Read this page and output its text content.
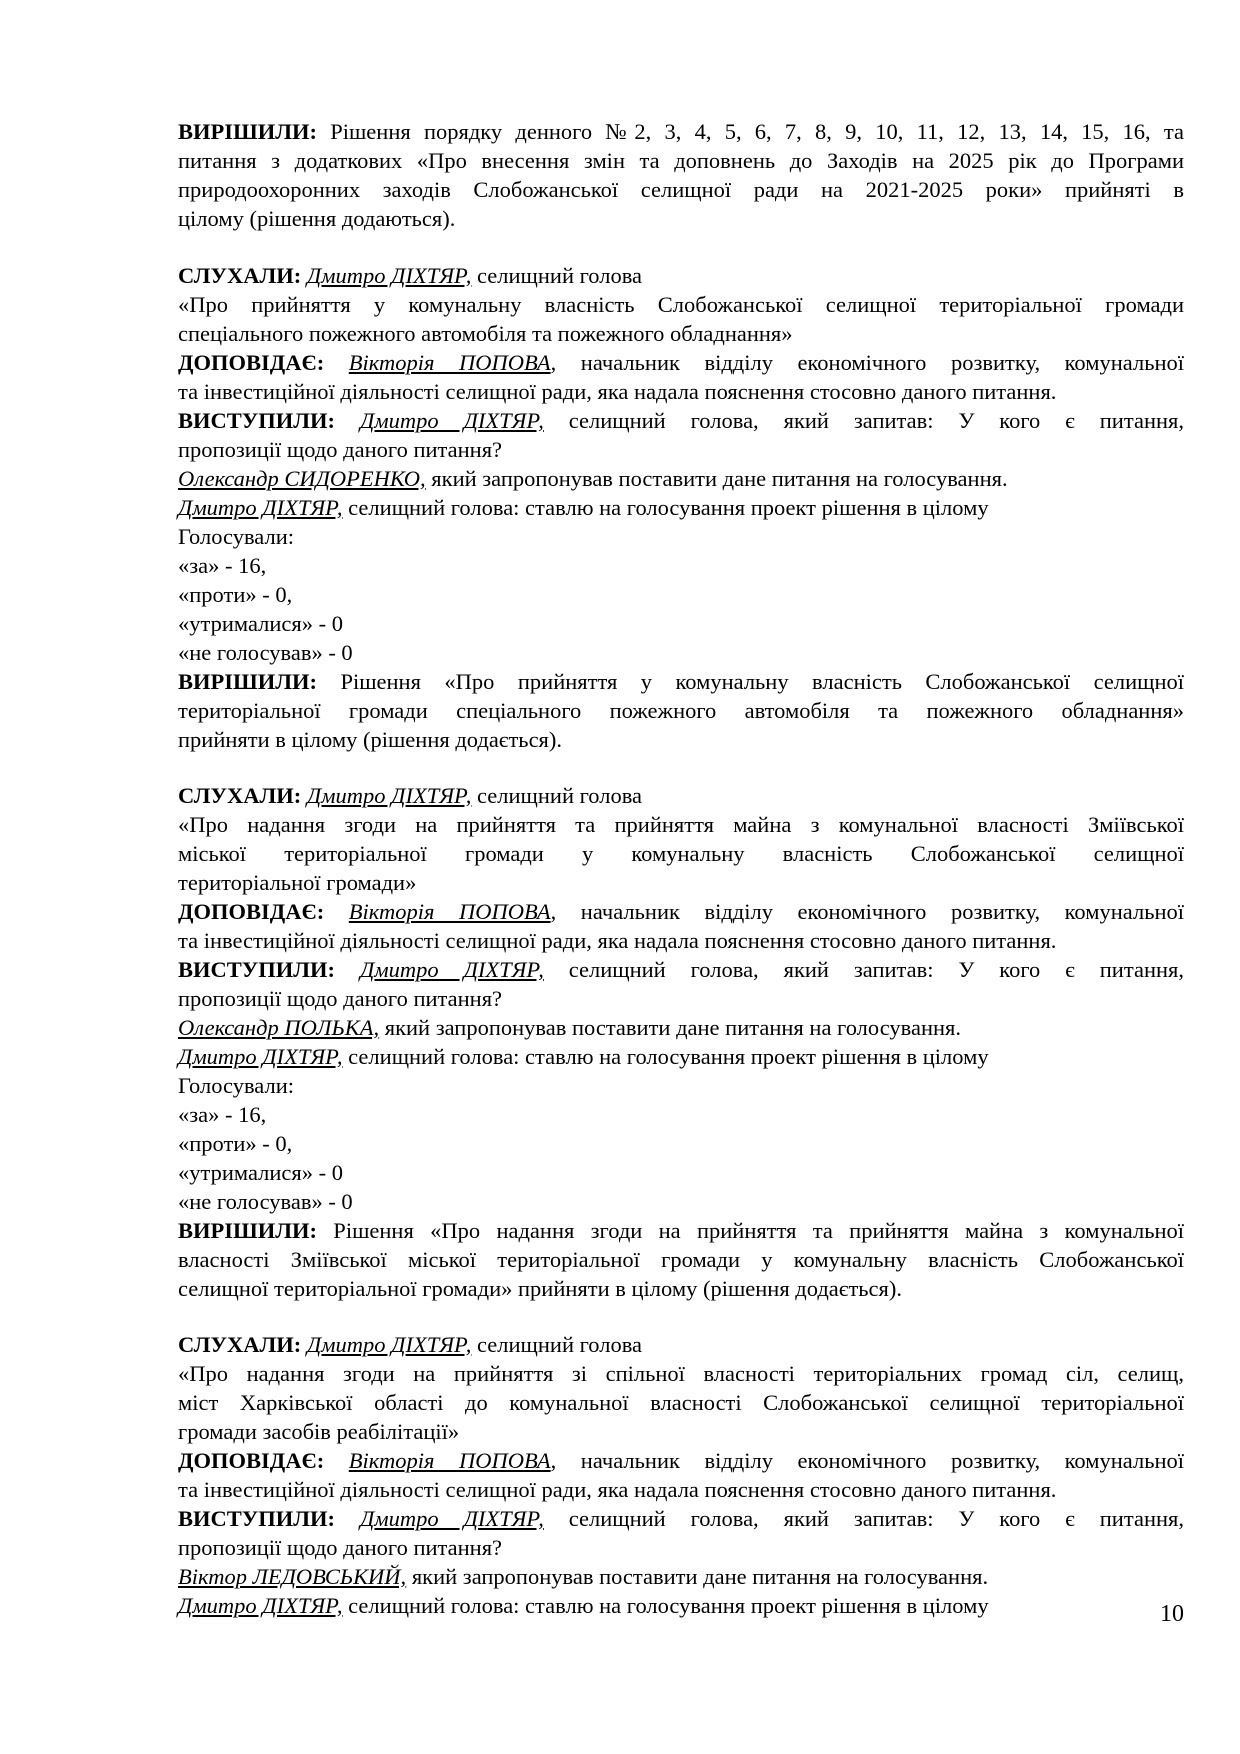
ВИРІШИЛИ: Рішення порядку денного №2, 3, 4, 5, 6, 7, 8, 9, 10, 11, 12, 13, 14, 15, 16, та
питання з додаткових «Про внесення змін та доповнень до Заходів на 2025 рік до Програми
природоохоронних заходів Слобожанської селищної ради на 2021-2025 роки» прийняті в
цілому (рішення додаються).
СЛУХАЛИ: Дмитро ДІХТЯР, селищний голова
«Про прийняття у комунальну власність Слобожанської селищної територіальної громади
спеціального пожежного автомобіля та пожежного обладнання»
ДОПОВІДАЄ: Вікторія ПОПОВА, начальник відділу економічного розвитку, комунальної
та інвестиційної діяльності селищної ради, яка надала пояснення стосовно даного питання.
ВИСТУПИЛИ: Дмитро ДІХТЯР, селищний голова, який запитав: У кого є питання,
пропозиції щодо даного питання?
Олександр СИДОРЕНКО, який запропонував поставити дане питання на голосування.
Дмитро ДІХТЯР, селищний голова: ставлю на голосування проект рішення в цілому
Голосували:
«за» - 16,
«проти» - 0,
«утрималися» - 0
«не голосував» - 0
ВИРІШИЛИ: Рішення «Про прийняття у комунальну власність Слобожанської селищної
територіальної громади спеціального пожежного автомобіля та пожежного обладнання»
прийняти в цілому (рішення додається).
СЛУХАЛИ: Дмитро ДІХТЯР, селищний голова
«Про надання згоди на прийняття та прийняття майна з комунальної власності Зміївської
міської територіальної громади у комунальну власність Слобожанської селищної
територіальної громади»
ДОПОВІДАЄ: Вікторія ПОПОВА, начальник відділу економічного розвитку, комунальної
та інвестиційної діяльності селищної ради, яка надала пояснення стосовно даного питання.
ВИСТУПИЛИ: Дмитро ДІХТЯР, селищний голова, який запитав: У кого є питання,
пропозиції щодо даного питання?
Олександр ПОЛЬКА, який запропонував поставити дане питання на голосування.
Дмитро ДІХТЯР, селищний голова: ставлю на голосування проект рішення в цілому
Голосували:
«за» - 16,
«проти» - 0,
«утрималися» - 0
«не голосував» - 0
ВИРІШИЛИ: Рішення «Про надання згоди на прийняття та прийняття майна з комунальної
власності Зміївської міської територіальної громади у комунальну власність Слобожанської
селищної територіальної громади» прийняти в цілому (рішення додається).
СЛУХАЛИ: Дмитро ДІХТЯР, селищний голова
«Про надання згоди на прийняття зі спільної власності територіальних громад сіл, селищ,
міст Харківської області до комунальної власності Слобожанської селищної територіальної
громади засобів реабілітації»
ДОПОВІДАЄ: Вікторія ПОПОВА, начальник відділу економічного розвитку, комунальної
та інвестиційної діяльності селищної ради, яка надала пояснення стосовно даного питання.
ВИСТУПИЛИ: Дмитро ДІХТЯР, селищний голова, який запитав: У кого є питання,
пропозиції щодо даного питання?
Віктор ЛЕДОВСЬКИЙ, який запропонував поставити дане питання на голосування.
Дмитро ДІХТЯР, селищний голова: ставлю на голосування проект рішення в цілому	10
